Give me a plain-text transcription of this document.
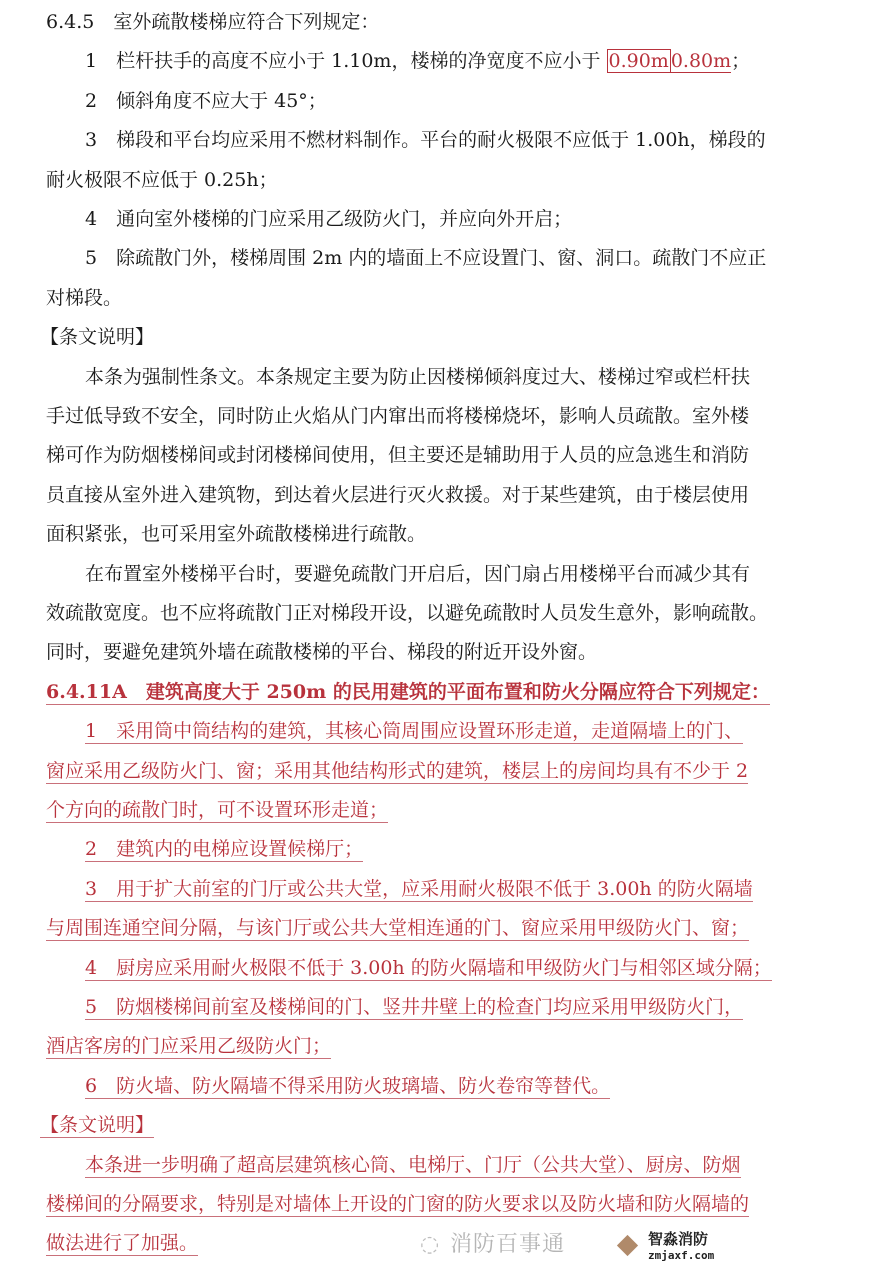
6.4.5　室外疏散楼梯应符合下列规定：
1　栏杆扶手的高度不应小于 1.10m，楼梯的净宽度不应小于 0.90m 0.80m；
2　倾斜角度不应大于 45°；
3　梯段和平台均应采用不燃材料制作。平台的耐火极限不应低于 1.00h，梯段的
耐火极限不应低于 0.25h；
4　通向室外楼梯的门应采用乙级防火门，并应向外开启；
5　除疏散门外，楼梯周围 2m 内的墙面上不应设置门、窗、洞口。疏散门不应正
对梯段。
【条文说明】
本条为强制性条文。本条规定主要为防止因楼梯倾斜度过大、楼梯过窄或栏杆扶
手过低导致不安全，同时防止火焰从门内窜出而将楼梯烧坏，影响人员疏散。室外楼
梯可作为防烟楼梯间或封闭楼梯间使用，但主要还是辅助用于人员的应急逃生和消防
员直接从室外进入建筑物，到达着火层进行灭火救援。对于某些建筑，由于楼层使用
面积紧张，也可采用室外疏散楼梯进行疏散。
在布置室外楼梯平台时，要避免疏散门开启后，因门扇占用楼梯平台而减少其有
效疏散宽度。也不应将疏散门正对梯段开设，以避免疏散时人员发生意外，影响疏散。
同时，要避免建筑外墙在疏散楼梯的平台、梯段的附近开设外窗。
6.4.11A　建筑高度大于 250m 的民用建筑的平面布置和防火分隔应符合下列规定：
1　采用筒中筒结构的建筑，其核心筒周围应设置环形走道，走道隔墙上的门、
窗应采用乙级防火门、窗；采用其他结构形式的建筑，楼层上的房间均具有不少于 2
个方向的疏散门时，可不设置环形走道；
2　建筑内的电梯应设置候梯厅；
3　用于扩大前室的门厅或公共大堂，应采用耐火极限不低于 3.00h 的防火隔墙
与周围连通空间分隔，与该门厅或公共大堂相连通的门、窗应采用甲级防火门、窗；
4　厨房应采用耐火极限不低于 3.00h 的防火隔墙和甲级防火门与相邻区域分隔；
5　防烟楼梯间前室及楼梯间的门、竖井井壁上的检查门均应采用甲级防火门，
酒店客房的门应采用乙级防火门；
6　防火墙、防火隔墙不得采用防火玻璃墙、防火卷帘等替代。
【条文说明】
本条进一步明确了超高层建筑核心筒、电梯厅、门厅（公共大堂）、厨房、防烟
楼梯间的分隔要求，特别是对墙体上开设的门窗的防火要求以及防火墙和防火隔墙的
做法进行了加强。	◌ 消防百事通	智淼消防
zmjaxf.com
